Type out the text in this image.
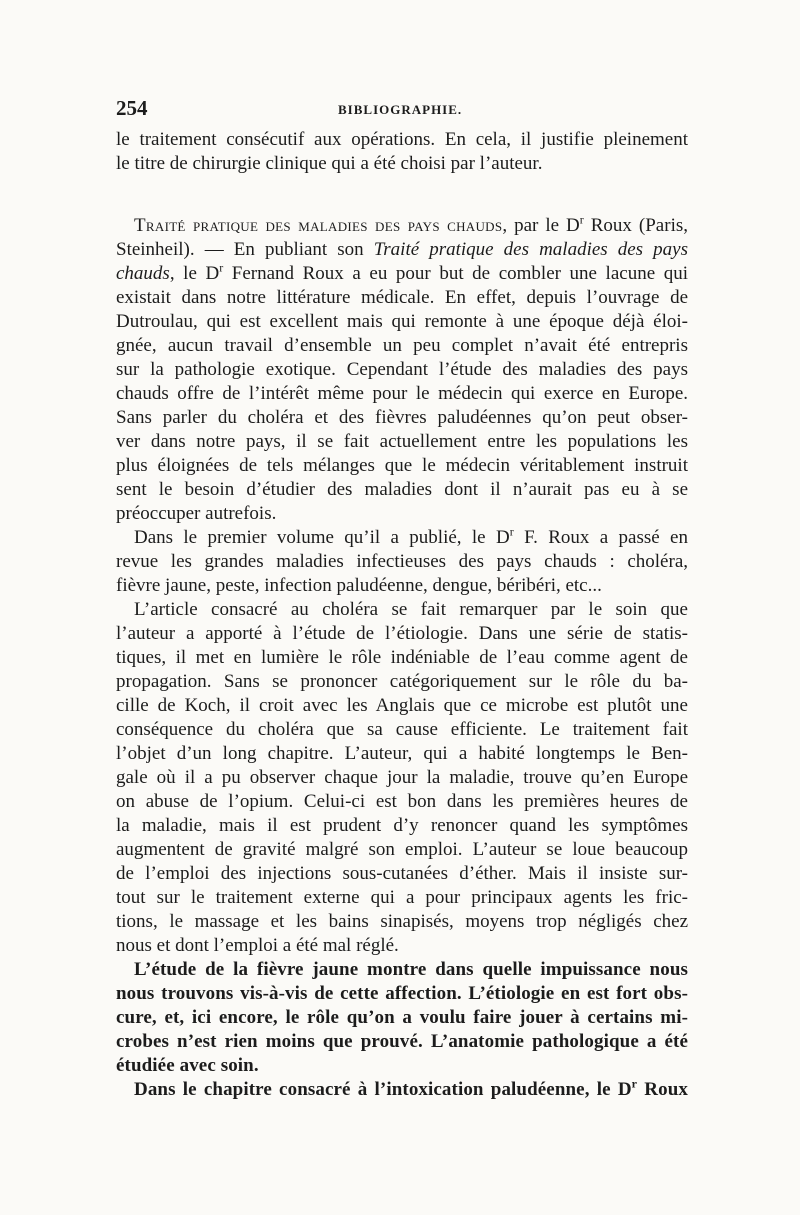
254	BIBLIOGRAPHIE.

le traitement consécutif aux opérations. En cela, il justifie pleinement
le titre de chirurgie clinique qui a été choisi par l’auteur.

Traité pratique des maladies des pays chauds, par le $D^r$ Roux (Paris,
Steinheil). — En publiant son Traité pratique des maladies des pays
chauds, le $D^r$ Fernand Roux a eu pour but de combler une lacune qui
existait dans notre littérature médicale. En effet, depuis l’ouvrage de
Dutroulau, qui est excellent mais qui remonte à une époque déjà éloi-
gnée, aucun travail d’ensemble un peu complet n’avait été entrepris
sur la pathologie exotique. Cependant l’étude des maladies des pays
chauds offre de l’intérêt même pour le médecin qui exerce en Europe.
Sans parler du choléra et des fièvres paludéennes qu’on peut obser-
ver dans notre pays, il se fait actuellement entre les populations les
plus éloignées de tels mélanges que le médecin véritablement instruit
sent le besoin d’étudier des maladies dont il n’aurait pas eu à se
préoccuper autrefois.

Dans le premier volume qu’il a publié, le $D^r$ F. Roux a passé en
revue les grandes maladies infectieuses des pays chauds : choléra,
fièvre jaune, peste, infection paludéenne, dengue, béribéri, etc...

L’article consacré au choléra se fait remarquer par le soin que
l’auteur a apporté à l’étude de l’étiologie. Dans une série de statis-
tiques, il met en lumière le rôle indéniable de l’eau comme agent de
propagation. Sans se prononcer catégoriquement sur le rôle du ba-
cille de Koch, il croit avec les Anglais que ce microbe est plutôt une
conséquence du choléra que sa cause efficiente. Le traitement fait
l’objet d’un long chapitre. L’auteur, qui a habité longtemps le Ben-
gale où il a pu observer chaque jour la maladie, trouve qu’en Europe
on abuse de l’opium. Celui-ci est bon dans les premières heures de
la maladie, mais il est prudent d’y renoncer quand les symptômes
augmentent de gravité malgré son emploi. L’auteur se loue beaucoup
de l’emploi des injections sous-cutanées d’éther. Mais il insiste sur-
tout sur le traitement externe qui a pour principaux agents les fric-
tions, le massage et les bains sinapisés, moyens trop négligés chez
nous et dont l’emploi a été mal réglé.

L’étude de la fièvre jaune montre dans quelle impuissance nous
nous trouvons vis-à-vis de cette affection. L’étiologie en est fort obs-
cure, et, ici encore, le rôle qu’on a voulu faire jouer à certains mi-
crobes n’est rien moins que prouvé. L’anatomie pathologique a été
étudiée avec soin.

Dans le chapitre consacré à l’intoxication paludéenne, le $D^r$ Roux
